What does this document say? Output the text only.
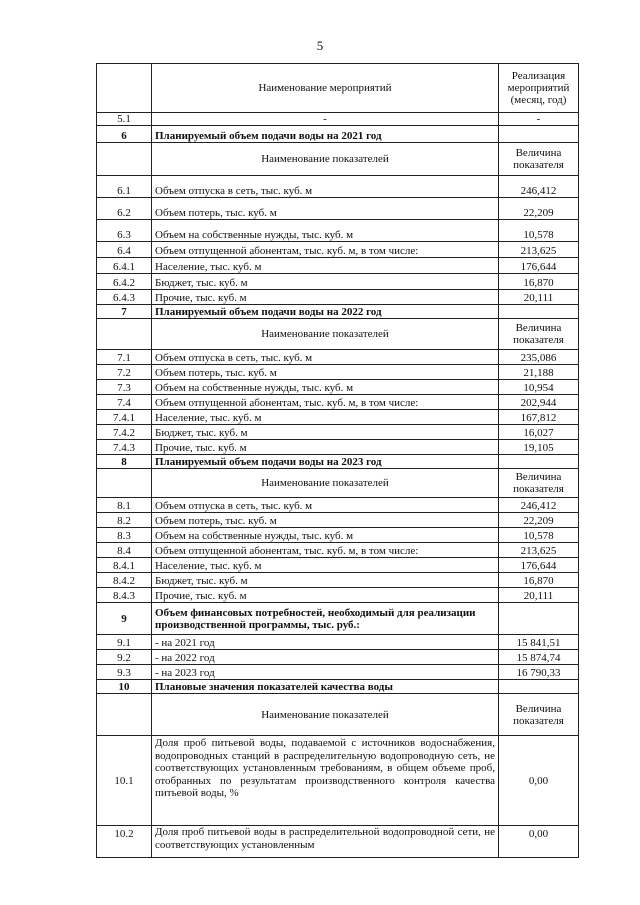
5
	Наименование мероприятий	Реализация мероприятий (месяц, год)
5.1	-	-
6	Планируемый объем подачи воды на 2021 год	
	Наименование показателей	Величина показателя
6.1	Объем отпуска в сеть, тыс. куб. м	246,412
6.2	Объем потерь, тыс. куб. м	22,209
6.3	Объем на собственные нужды, тыс. куб. м	10,578
6.4	Объем отпущенной абонентам, тыс. куб. м, в том числе:	213,625
6.4.1	Население, тыс. куб. м	176,644
6.4.2	Бюджет, тыс. куб. м	16,870
6.4.3	Прочие, тыс. куб. м	20,111
7	Планируемый объем подачи воды на 2022 год	
	Наименование показателей	Величина показателя
7.1	Объем отпуска в сеть, тыс. куб. м	235,086
7.2	Объем потерь, тыс. куб. м	21,188
7.3	Объем на собственные нужды, тыс. куб. м	10,954
7.4	Объем отпущенной абонентам, тыс. куб. м, в том числе:	202,944
7.4.1	Население, тыс. куб. м	167,812
7.4.2	Бюджет, тыс. куб. м	16,027
7.4.3	Прочие, тыс. куб. м	19,105
8	Планируемый объем подачи воды на 2023 год	
	Наименование показателей	Величина показателя
8.1	Объем отпуска в сеть, тыс. куб. м	246,412
8.2	Объем потерь, тыс. куб. м	22,209
8.3	Объем на собственные нужды, тыс. куб. м	10,578
8.4	Объем отпущенной абонентам, тыс. куб. м, в том числе:	213,625
8.4.1	Население, тыс. куб. м	176,644
8.4.2	Бюджет, тыс. куб. м	16,870
8.4.3	Прочие, тыс. куб. м	20,111
9	Объем финансовых потребностей, необходимый для реализации производственной программы, тыс. руб.:	
9.1	- на 2021 год	15 841,51
9.2	- на 2022 год	15 874,74
9.3	- на 2023 год	16 790,33
10	Плановые значения показателей качества воды	
	Наименование показателей	Величина показателя
10.1	Доля проб питьевой воды, подаваемой с источников водоснабжения, водопроводных станций в распределительную водопроводную сеть, не соответствующих установленным требованиям, в общем объеме проб, отобранных по результатам производственного контроля качества питьевой воды, %	0,00
10.2	Доля проб питьевой воды в распределительной водопроводной сети, не соответствующих установленным	0,00
